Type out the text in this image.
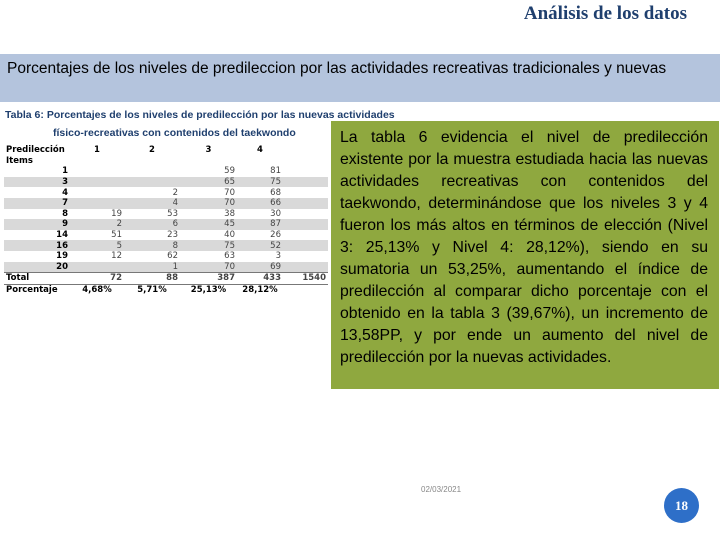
Análisis de los datos
Porcentajes de los niveles de predileccion por las actividades recreativas tradicionales y nuevas
Tabla 6: Porcentajes de los niveles de predilección por las nuevas actividades
físico-recreativas con contenidos del taekwondo
Predilección	1	2	3	4	
Items					
1			59	81	
3			65	75	
4		2	70	68	
7		4	70	66	
8	19	53	38	30	
9	2	6	45	87	
14	51	23	40	26	
16	5	8	75	52	
19	12	62	63	3	
20		1	70	69	
Total	72	88	387	433	1540
Porcentaje	4,68%	5,71%	25,13%	28,12%	
La tabla 6 evidencia el nivel de predilección existente por la muestra estudiada hacia las nuevas actividades recreativas con contenidos del taekwondo, determinándose que los niveles 3 y 4 fueron los más altos en términos de elección (Nivel 3: 25,13% y Nivel 4: 28,12%), siendo en su sumatoria un 53,25%, aumentando el índice de predilección al comparar dicho porcentaje con el obtenido en la tabla 3 (39,67%), un incremento de 13,58PP, y por ende un aumento del nivel de predilección por la nuevas actividades.
02/03/2021
18
